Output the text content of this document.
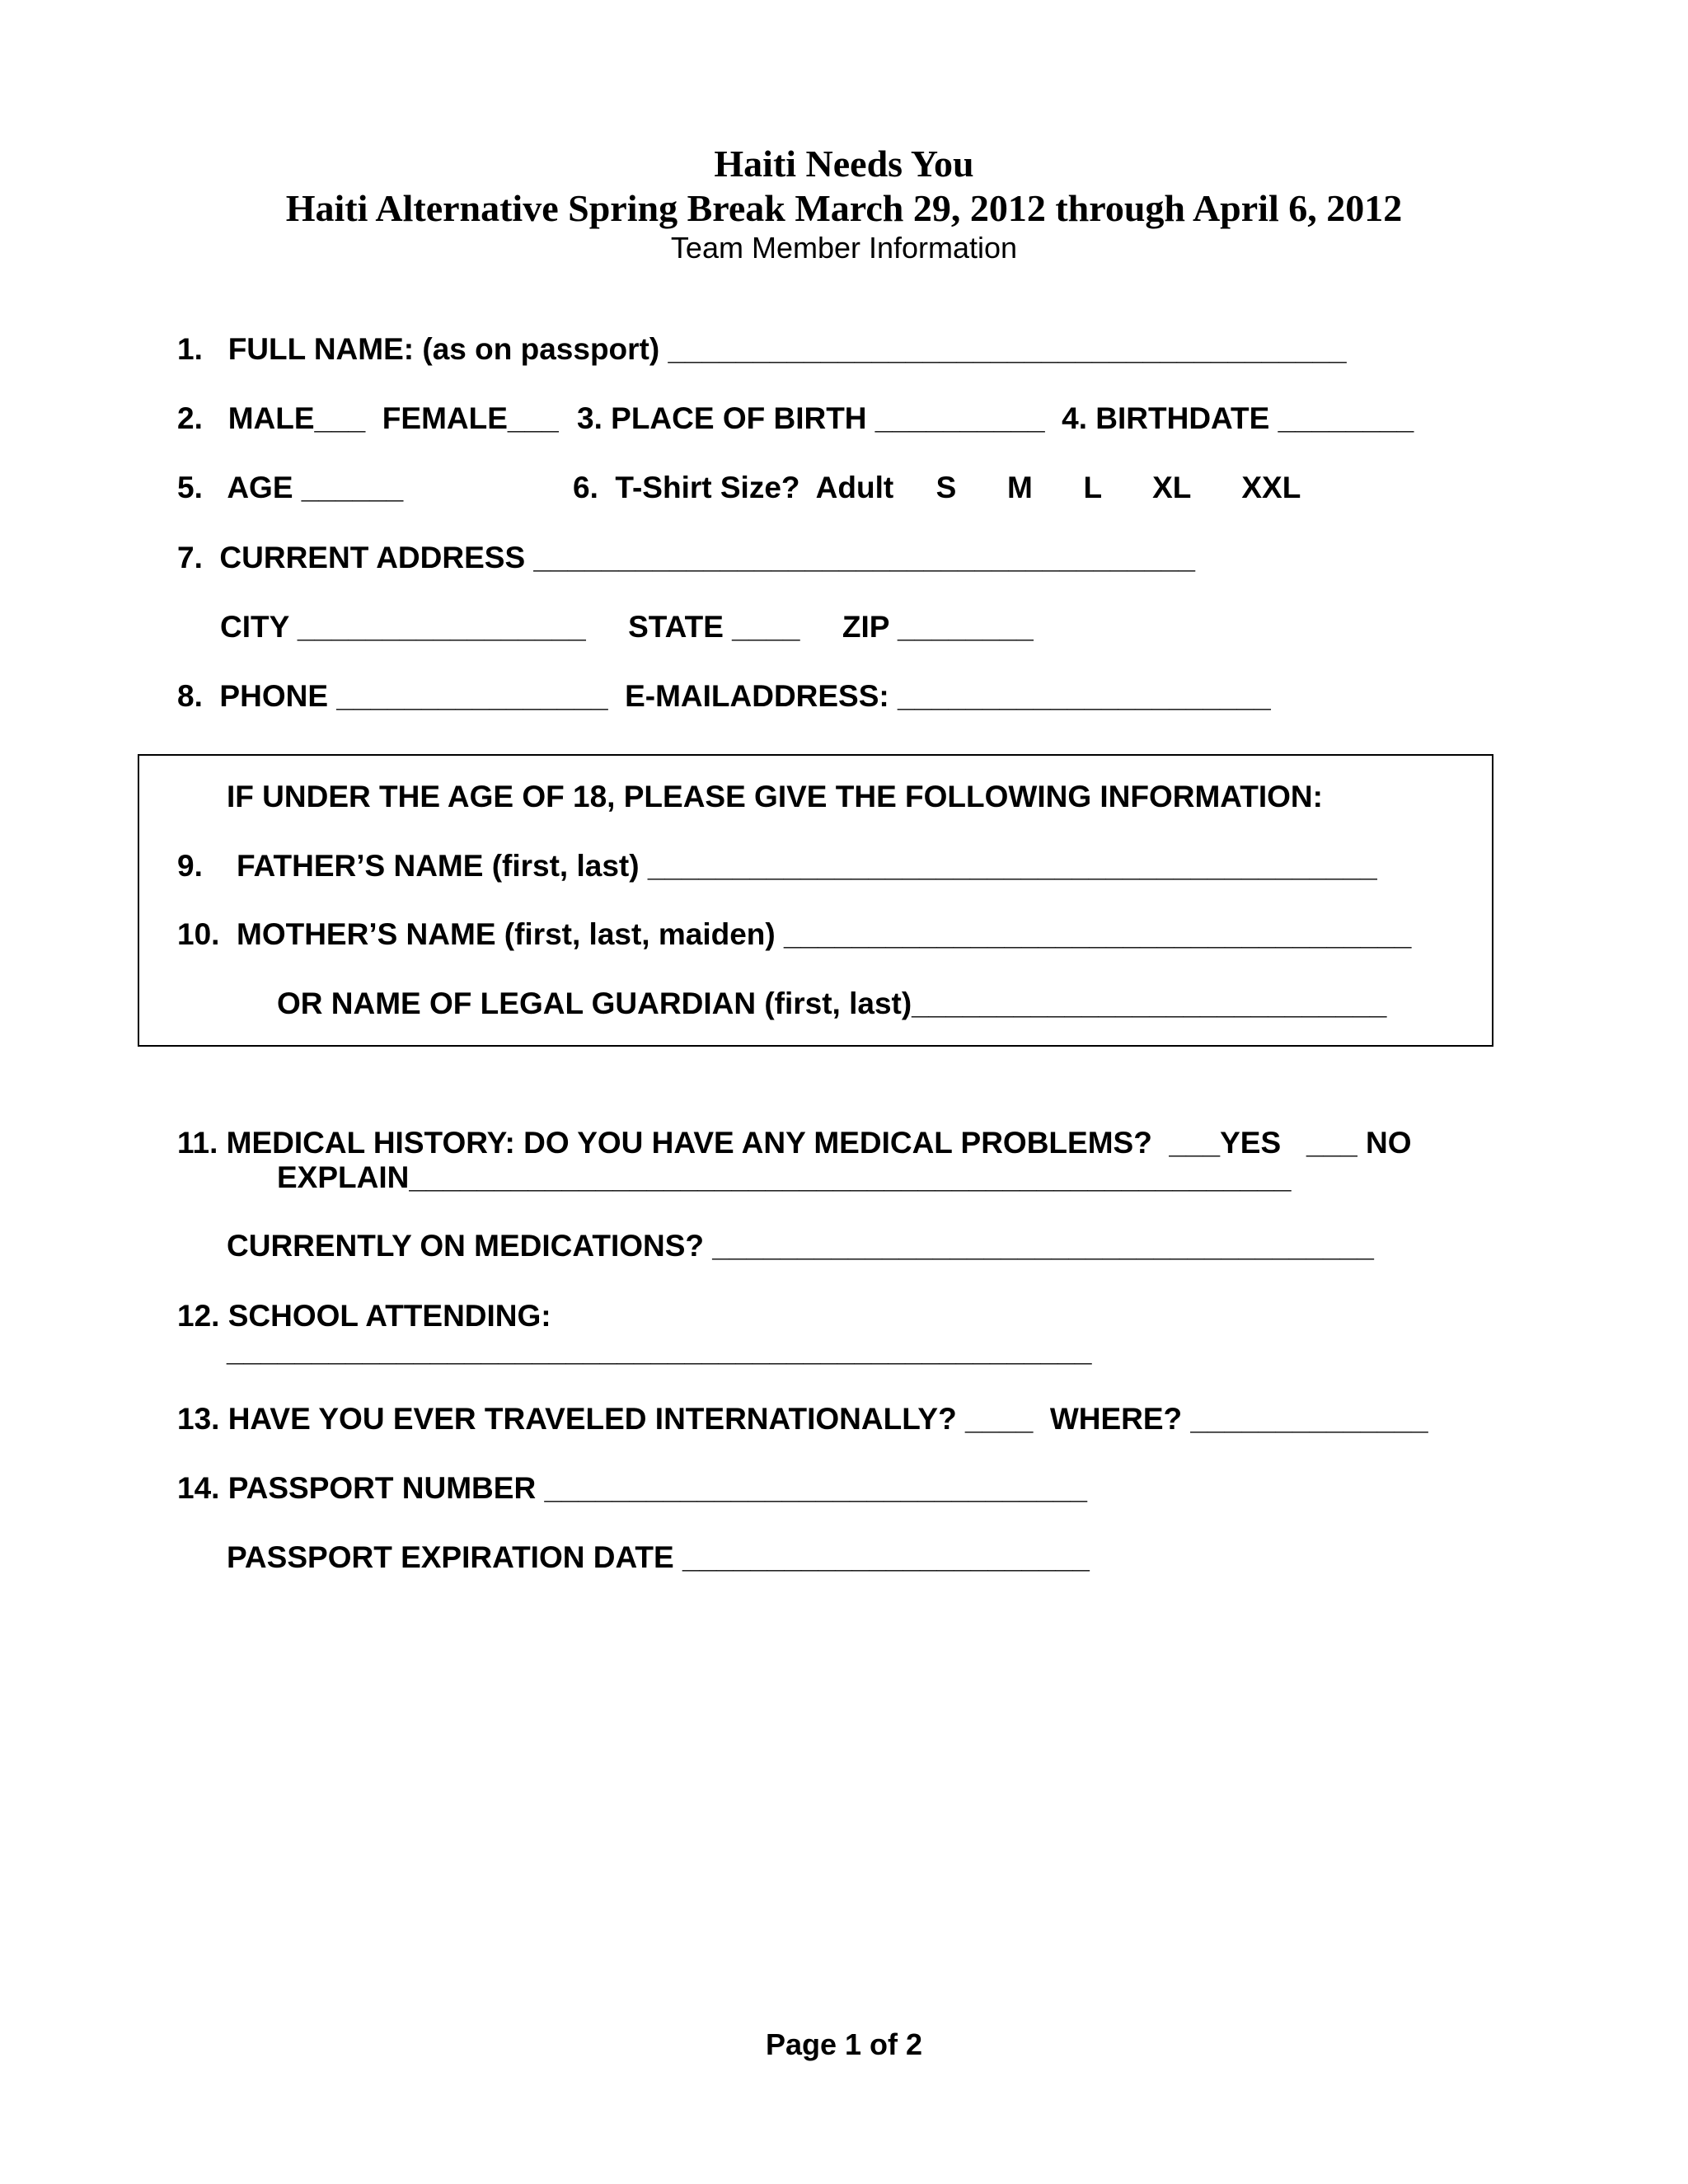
Haiti Needs You
Haiti Alternative Spring Break March 29, 2012 through April 6, 2012
Team Member Information
1.   FULL NAME: (as on passport) ________________________________________
2.   MALE___  FEMALE___ 3. PLACE OF BIRTH __________  4. BIRTHDATE ________
5.   AGE ______	6.  T-Shirt Size?  Adult     S      M      L      XL      XXL
7.  CURRENT ADDRESS _______________________________________
CITY _________________     STATE ____     ZIP ________
8.  PHONE ________________  E-MAILADDRESS: ______________________
IF UNDER THE AGE OF 18, PLEASE GIVE THE FOLLOWING INFORMATION:
9.    FATHER’S NAME (first, last) ___________________________________________
10.  MOTHER’S NAME (first, last, maiden) _____________________________________
OR NAME OF LEGAL GUARDIAN (first, last)____________________________
11. MEDICAL HISTORY: DO YOU HAVE ANY MEDICAL PROBLEMS?  ___YES   ___ NO
EXPLAIN____________________________________________________
CURRENTLY ON MEDICATIONS? _______________________________________
12. SCHOOL ATTENDING:
___________________________________________________
13. HAVE YOU EVER TRAVELED INTERNATIONALLY? ____  WHERE? ______________
14. PASSPORT NUMBER ________________________________
PASSPORT EXPIRATION DATE ________________________
Page 1 of 2
